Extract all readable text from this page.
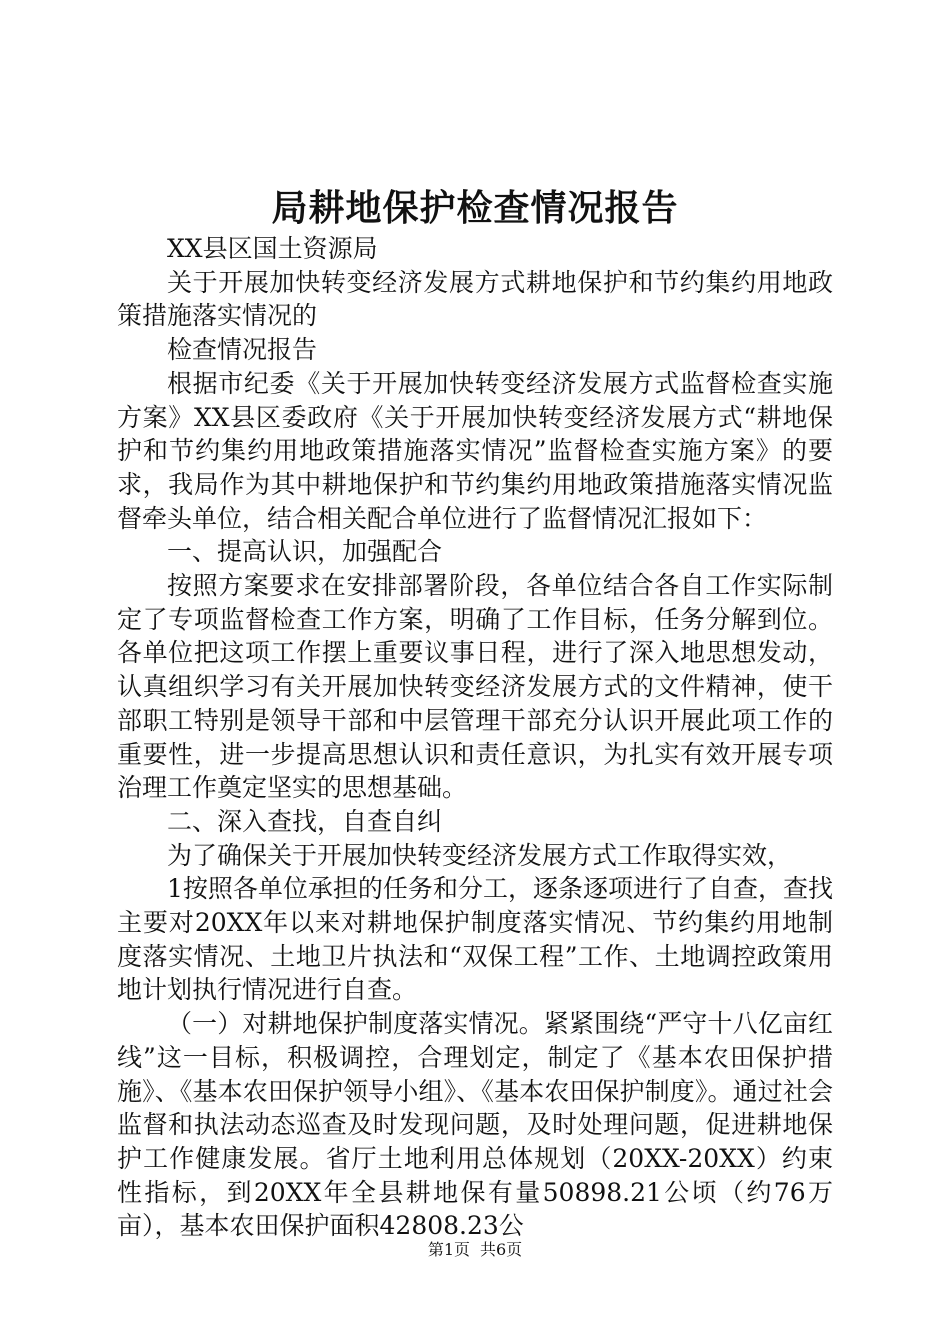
局耕地保护检查情况报告

XX县区国土资源局

关于开展加快转变经济发展方式耕地保护和节约集约用地政策措施落实情况的

检查情况报告

根据市纪委《关于开展加快转变经济发展方式监督检查实施方案》XX县区委政府《关于开展加快转变经济发展方式“耕地保护和节约集约用地政策措施落实情况”监督检查实施方案》的要求，我局作为其中耕地保护和节约集约用地政策措施落实情况监督牵头单位，结合相关配合单位进行了监督情况汇报如下：

一、提高认识，加强配合

按照方案要求在安排部署阶段，各单位结合各自工作实际制定了专项监督检查工作方案，明确了工作目标，任务分解到位。各单位把这项工作摆上重要议事日程，进行了深入地思想发动，认真组织学习有关开展加快转变经济发展方式的文件精神，使干部职工特别是领导干部和中层管理干部充分认识开展此项工作的重要性，进一步提高思想认识和责任意识，为扎实有效开展专项治理工作奠定坚实的思想基础。

二、深入查找，自查自纠

为了确保关于开展加快转变经济发展方式工作取得实效，

1按照各单位承担的任务和分工，逐条逐项进行了自查，查找主要对20XX年以来对耕地保护制度落实情况、节约集约用地制度落实情况、土地卫片执法和“双保工程”工作、土地调控政策用地计划执行情况进行自查。

（一）对耕地保护制度落实情况。紧紧围绕“严守十八亿亩红线”这一目标，积极调控，合理划定，制定了《基本农田保护措施》、《基本农田保护领导小组》、《基本农田保护制度》。通过社会监督和执法动态巡查及时发现问题，及时处理问题，促进耕地保护工作健康发展。省厅土地利用总体规划（20XX-20XX）约束性指标，到20XX年全县耕地保有量50898.21公顷（约76万亩），基本农田保护面积42808.23公

第1页 共6页
